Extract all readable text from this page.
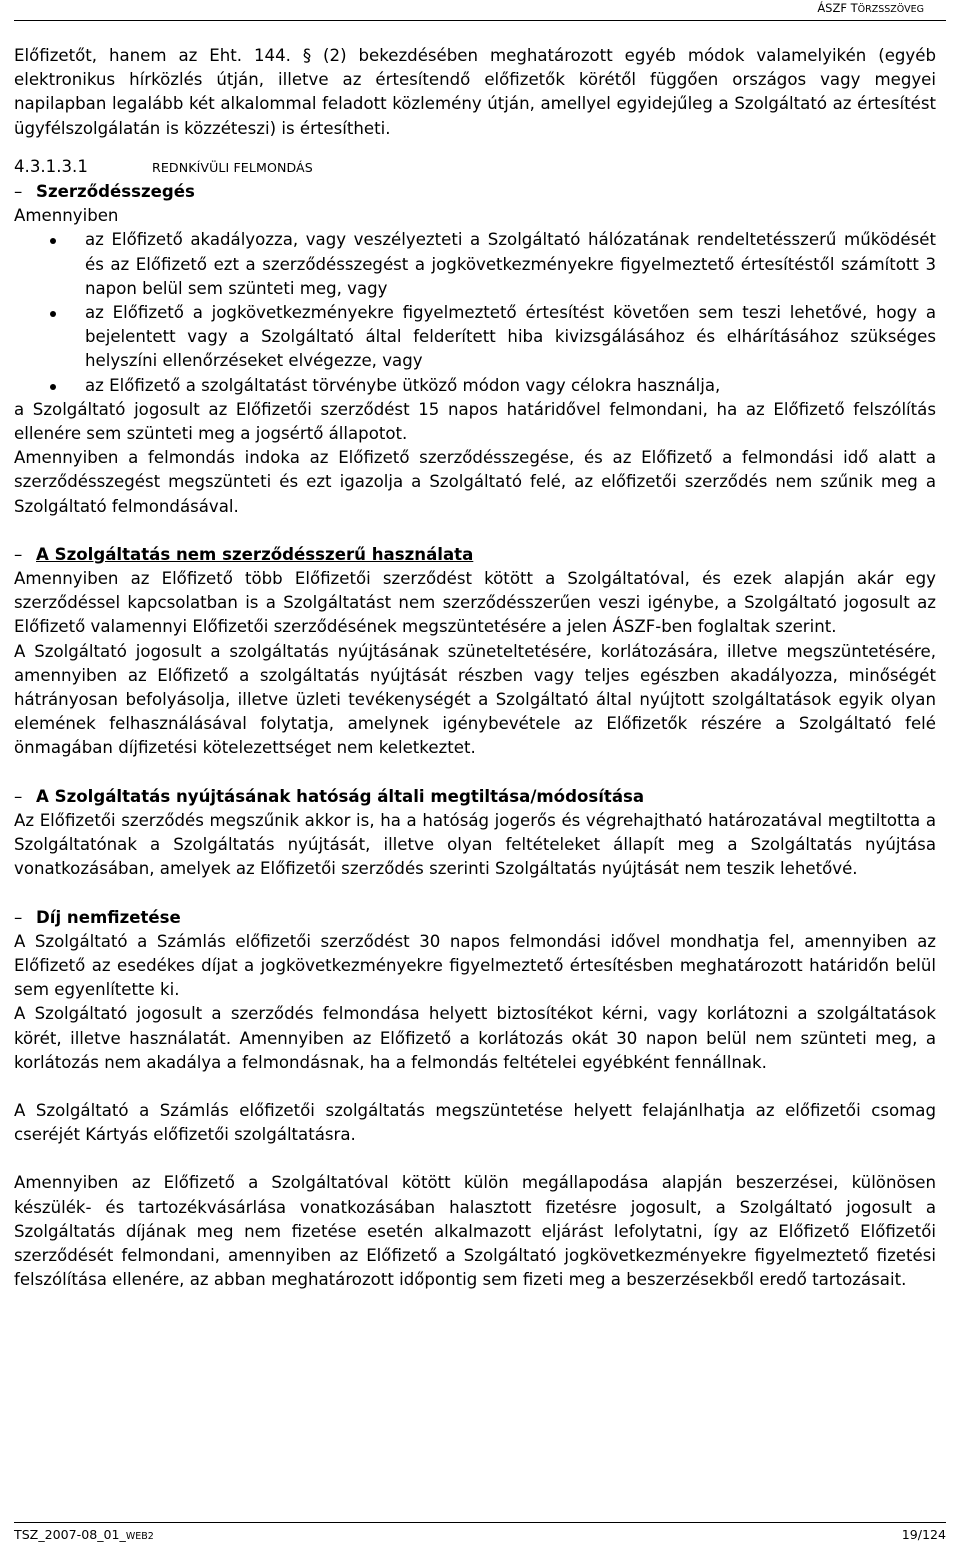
ÁSZF TÖRZSSZÖVEG

Előfizetőt, hanem az Eht. 144. § (2) bekezdésében meghatározott egyéb módok valamelyikén (egyéb elektronikus hírközlés útján, illetve az értesítendő előfizetők körétől függően országos vagy megyei napilapban legalább két alkalommal feladott közlemény útján, amellyel egyidejűleg a Szolgáltató az értesítést ügyfélszolgálatán is közzéteszi) is értesítheti.

4.3.1.3.1	REDNKÍVÜLI FELMONDÁS

– Szerződésszegés

Amennyiben

az Előfizető akadályozza, vagy veszélyezteti a Szolgáltató hálózatának rendeltetésszerű működését és az Előfizető ezt a szerződésszegést a jogkövetkezményekre figyelmeztető értesítéstől számított 3 napon belül sem szünteti meg, vagy
az Előfizető a jogkövetkezményekre figyelmeztető értesítést követően sem teszi lehetővé, hogy a bejelentett vagy a Szolgáltató által felderített hiba kivizsgálásához és elhárításához szükséges helyszíni ellenőrzéseket elvégezze, vagy
az Előfizető a szolgáltatást törvénybe ütköző módon vagy célokra használja,

a Szolgáltató jogosult az Előfizetői szerződést 15 napos határidővel felmondani, ha az Előfizető felszólítás ellenére sem szünteti meg a jogsértő állapotot.

Amennyiben a felmondás indoka az Előfizető szerződésszegése, és az Előfizető a felmondási idő alatt a szerződésszegést megszünteti és ezt igazolja a Szolgáltató felé, az előfizetői szerződés nem szűnik meg a Szolgáltató felmondásával.

– A Szolgáltatás nem szerződésszerű használata

Amennyiben az Előfizető több Előfizetői szerződést kötött a Szolgáltatóval, és ezek alapján akár egy szerződéssel kapcsolatban is a Szolgáltatást nem szerződésszerűen veszi igénybe, a Szolgáltató jogosult az Előfizető valamennyi Előfizetői szerződésének megszüntetésére a jelen ÁSZF-ben foglaltak szerint.

A Szolgáltató jogosult a szolgáltatás nyújtásának szüneteltetésére, korlátozására, illetve megszüntetésére, amennyiben az Előfizető a szolgáltatás nyújtását részben vagy teljes egészben akadályozza, minőségét hátrányosan befolyásolja, illetve üzleti tevékenységét a Szolgáltató által nyújtott szolgáltatások egyik olyan elemének felhasználásával folytatja, amelynek igénybevétele az Előfizetők részére a Szolgáltató felé önmagában díjfizetési kötelezettséget nem keletkeztet.

– A Szolgáltatás nyújtásának hatóság általi megtiltása/módosítása

Az Előfizetői szerződés megszűnik akkor is, ha a hatóság jogerős és végrehajtható határozatával megtiltotta a Szolgáltatónak a Szolgáltatás nyújtását, illetve olyan feltételeket állapít meg a Szolgáltatás nyújtása vonatkozásában, amelyek az Előfizetői szerződés szerinti Szolgáltatás nyújtását nem teszik lehetővé.

– Díj nemfizetése

A Szolgáltató a Számlás előfizetői szerződést 30 napos felmondási idővel mondhatja fel, amennyiben az Előfizető az esedékes díjat a jogkövetkezményekre figyelmeztető értesítésben meghatározott határidőn belül sem egyenlítette ki.

A Szolgáltató jogosult a szerződés felmondása helyett biztosítékot kérni, vagy korlátozni a szolgáltatások körét, illetve használatát. Amennyiben az Előfizető a korlátozás okát 30 napon belül nem szünteti meg, a korlátozás nem akadálya a felmondásnak, ha a felmondás feltételei egyébként fennállnak.

A Szolgáltató a Számlás előfizetői szolgáltatás megszüntetése helyett felajánlhatja az előfizetői csomag cseréjét Kártyás előfizetői szolgáltatásra.

Amennyiben az Előfizető a Szolgáltatóval kötött külön megállapodása alapján beszerzései, különösen készülék- és tartozékvásárlása vonatkozásában halasztott fizetésre jogosult, a Szolgáltató jogosult a Szolgáltatás díjának meg nem fizetése esetén alkalmazott eljárást lefolytatni, így az Előfizető Előfizetői szerződését felmondani, amennyiben az Előfizető a Szolgáltató jogkövetkezményekre figyelmeztető fizetési felszólítása ellenére, az abban meghatározott időpontig sem fizeti meg a beszerzésekből eredő tartozásait.

TSZ_2007-08_01_WEB2	19/124
